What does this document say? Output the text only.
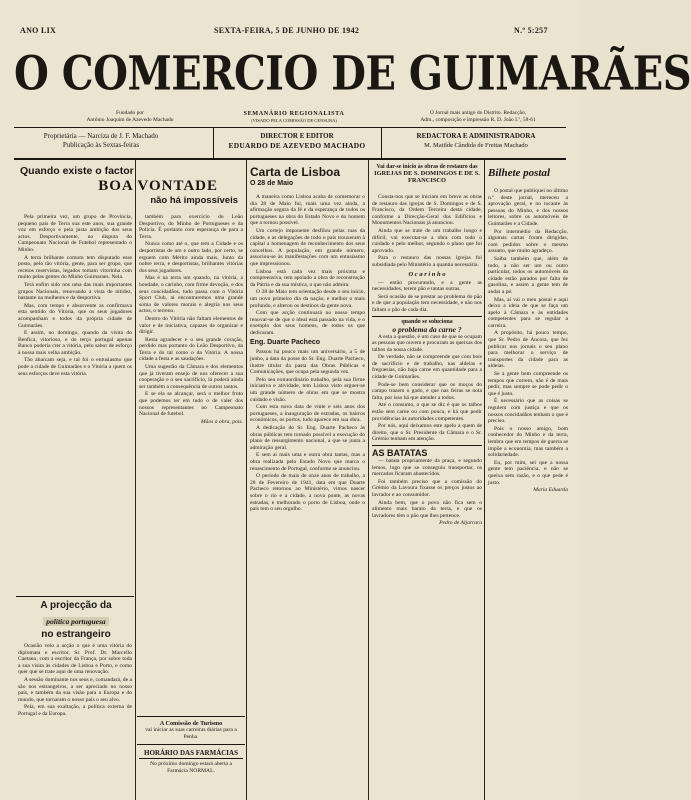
ANO LIX	SEXTA-FEIRA, 5 DE JUNHO DE 1942	N.º 5:257
O COMERCIO DE GUIMARÃES
Fundado por
António Joaquim de Azevedo Machado
SEMANÁRIO REGIONALISTA
(VISADO PELA COMISSÃO DE CENSURA)
O Jornal mais antigo do Distrito. Redacção,
Adm., composição e impressão R. D. João I.º, 58-61
Proprietária — Narciza de J. F. Machado
Publicação às Sextas-feiras
DIRECTOR E EDITOR
EDUARDO DE AZEVEDO MACHADO
REDACTORA E ADMINISTRADORA
M. Matilde Cândida de Freitas Machado
Quando existe o factor
BOA VONTADE
não há impossíveis

Pela primeira vez, um grupo de Provincia, pequeno país de Terra sua este anos, sua grande voz em esforço e pela justa ambição dos seus actos. Desportivamente, no disputa do Campeonato Nacional de Futebol representado o Minho.

A terra brilhante comum tem disputado esse posto, pelo tão vitória, gente, para ser grupo, que receios reservistas, legados tomam vitorinha com muito pelas gentes do Minho Guimaraes. Nela.

Terá enfim sido nos uma das mais importantes grupos Nacionais, renovando a vista de nitidez, bastante na mulheres e da desportiva.

Mas, com tempo e absorvente as confirmava esta sentido do Vitória, que os seus jogadores acompanham e todos da própria cidade de Guimarães.

E assim, no domingo, quando da visita do Benfica, vitorioso, e do terço portugal apenas Banco poderia crer a vitória, pelo sabor de esforço à nossa mais velha ambição.

Tão abarcam seja, e tal foi o entusiasmo que pode a cidade de Guimarães e o Vitória a quem os seus esforços deve esta vitória.

A projecção da
política portuguesa
no estrangeiro

Ocasião veio a acção o que é uma vitória do diplomata e escritor, Sr. Prof. Dr. Marcello Caetano, com a escritor da França, por sobre toda a sua visita às cidades de Lisboa e Porto, e como quer que se trate aqui de uma renovação.

A sessão dominante nos seus e, comandará, de a são nos estrangeiros, a ser apreciado no nosso país, e também da sua visão para a Europa e do mundo, que tornaram o nosso país o seu alvo.

Pela, em sua exaltação, a política externa de Portugal e da Europa.

também para exercício do Leão Desportivo, do Minho de Portugueses e da Policia. É portanto com esperança de para a Terra.

Nunca como até o, que tem a Cidade e os desportistas de um e outro lado, por certo, se erguem com Mérito ainda mais, Junto da nobre terra, e desportistas, brilhantes vitórias dos seus jogadores.

Mas é na terra um quando, na vitória, a bondade, o carinho, com firme devoção, e dos seus concidadãos, tudo passa com o Vitória Sport Club, aí encontraremos uma grande soma de valores morais e alegria nos seus actos, o terreno.

Dentro do Vitória não faltam elementos de valor e de iniciativa, capazes de organizar e dirigir.

Resta agradecer e o seu grande coração, perdido mas portanto do Leão Desportivo, da Terra e do tal como o da Vitória. A nossa cidade a festa e as saudações.

Uma sugestão da Câmara e dos elementos que já tiveram ensejo de nos oferecer a sua cooperação e o seu sacrifício, lá poderá ainda ser também a consequência de outros tantos.

E se ela se alcançar, será o melhor fruto que podemos ter em tudo o de valer dos nossos representantes no Campeonato Nacional de futebol.

Mãos à obra, pois.

A Comissão de Turismo

vai iniciar as suas carreiras diárias para a Penha.

HORÁRIO DAS FARMÁCIAS

No próximo domingo estará aberta a Farmácia NORMAL.

Carta de Lisboa
O 28 de Maio

A maneira como Lisboa acaba de comemorar o dia 28 de Maio foi, mais uma vez ainda, a afirmação segura da fé e da esperança de todos os portugueses na obra do Estado Novo e do homem que a tornou possível.

Um cortejo imponente desfilou pelas ruas da cidade, e as delegações de todo o país trouxeram à capital a homenagem de reconhecimento dos seus concelhos. A população, em grande número, associou-se às manifestações com um entusiasmo que impressionou.

Lisboa está cada vez mais próxima e compreensiva, tem apoiado a obra de reconstrução da Pátria e da sua mística, o que não admira.

O 28 de Maio tem orientação desde o seu início, um novo primeiro dia da nação, e melhor o mais profundo, e alterou os destinos da gente nova.

Com que acção continuará no nosso tempo renovar-se de que o ideal está passado na vida, e o exemplo dos seus homens, de todos os que dedicaram.

Eng. Duarte Pacheco

Passou há pouco mais um aniversário, a 5 de junho, a data da posse do Sr. Eng. Duarte Pacheco, ilustre titular da pasta das Obras Públicas e Comunicações, que ocupa pela segunda vez.

Pelo seu extraordinário trabalho, pela sua firme iniciativa e atividade, tem Lisboa visto erguer-se um grande número de obras em que se mostra cuidado e visão.

Com esta nova data de vinte e seis anos dos portugueses, a inauguração de estradas, os bairros económicos, os portos, tudo aparece em sua obra.

A dedicação do Sr. Eng. Duarte Pacheco às obras públicas tem tornado possível a execução do plano de ressurgimento nacional, a que se junta a admiração geral.

E sem ai mais uma e outra obra tantas, mas a obra realizada pelo Estado Novo que marca o renascimento de Portugal, conforme se anunciou.

O período de mais de onze anos de trabalho, a 28 de Fevereiro de 1941, data em que Duarte Pacheco retornou ao Ministério, vimos nascer sobre o rio e a cidade, a nova ponte, as novas estradas, e melhorado o porto de Lisboa, onde o país tem o seu orgulho.

Vai dar-se início às obras de restauro das
IGREJAS DE S. DOMINGOS E DE S. FRANCISCO

Consta-nos que se iniciam em breve as obras de restauro das igrejas de S. Domingos e de S. Francisco, da Ordem Terceira desta cidade, conforme a Direcção-Geral dos Edifícios e Monumentos Nacionais já anunciou.

Ainda que se trate de um trabalho longo e difícil, vai executar-se a obra com todo o cuidado e pelo melhor, segundo o plano que foi aprovado.

Para o restauro das nossas igrejas foi subsidiada pelo Ministério a quantia necessária.

O c a r i n h o

— então procurando, e a gente as necessidades, terem pão e tantas outras.

Será ocasião de se prestar ao problema do pão e de que a população tem necessidade, e não nos faltam o pão de cada dia.

quando se soluciona
o problema da carne ?

A esta a questão, é um caso de que se ocupam as pessoas que ouvem e procuram as queixas dos talhos da nossa cidade.

De verdade, não se compreende que com bois de sacrifício e de trabalho, nas aldeias e freguesias, não haja carne em quantidade para a cidade de Guimarães.

Pode-se bem considerar que os moços do campo trazem o gado, e que nas feiras se nota falta, por isso há que atender a todos.

Até o consumo, o que se diz é que os talhos estão sem carne ou com pouca, e há que pedir providências às autoridades competentes.

Por nós, aqui deixamos este apelo a quem de direito, que o Sr. Presidente da Câmara e o Sr. Grémio tenham em atenção.

AS BATATAS

— batata propriamente da praça, e segundo lemos, logo que se conseguiu transportar, os mercados ficaram abastecidos.

Foi também preciso que a comissão do Grémio da Lavoura fixasse os preços justos ao lavrador e ao consumidor.

Ainda bem, que o povo não fica sem o alimento mais barato da terra, e que os lavradores têm o pão que lhes pertence.

Pedro de Aljarrara

Bilhete postal

O postal que publiquei no último n.º deste jornal, mereceu a aprovação geral, e no tocante às pessoas do Minho, e dos nossos leitores, sobre os automóveis de Guimarães e a Cidade.

Por intermédio da Redacção, algumas cartas foram dirigidas, com pedidos sobre o mesmo assunto, que muito agradeço.

Saiba também que, além de tudo, a não ser um ou outro particular, todos os automóveis da cidade estão parados por falta de gasolina, e assim a gente tem de andar a pé.

Mas, aí vai o meu postal e aqui deixo a ideia de que se faça um apelo à Câmara e às entidades competentes para se regular a carreira.

A propósito, há pouco tempo, que Sr. Pedro de Ancora, que fez publicar nos jornais o seu plano para melhorar o serviço de transportes da cidade para as aldeias.

Se a gente bem compreende os tempos que correm, não é de mais pedir, mas sempre se pode pedir o que é justo.

É necessário que as coisas se regulem com justiça e que os nossos concidadãos tenham o que é preciso.

Pois o nosso amigo, bom conhecedor do Minho e da terra, lembra que em tempos de guerra se impõe a economia, mas também a solidariedade.

Eu, por mim, sei que a nossa gente tem paciência, e não se queixa sem razão, e o que pede é justo.

Maria Eduarda
